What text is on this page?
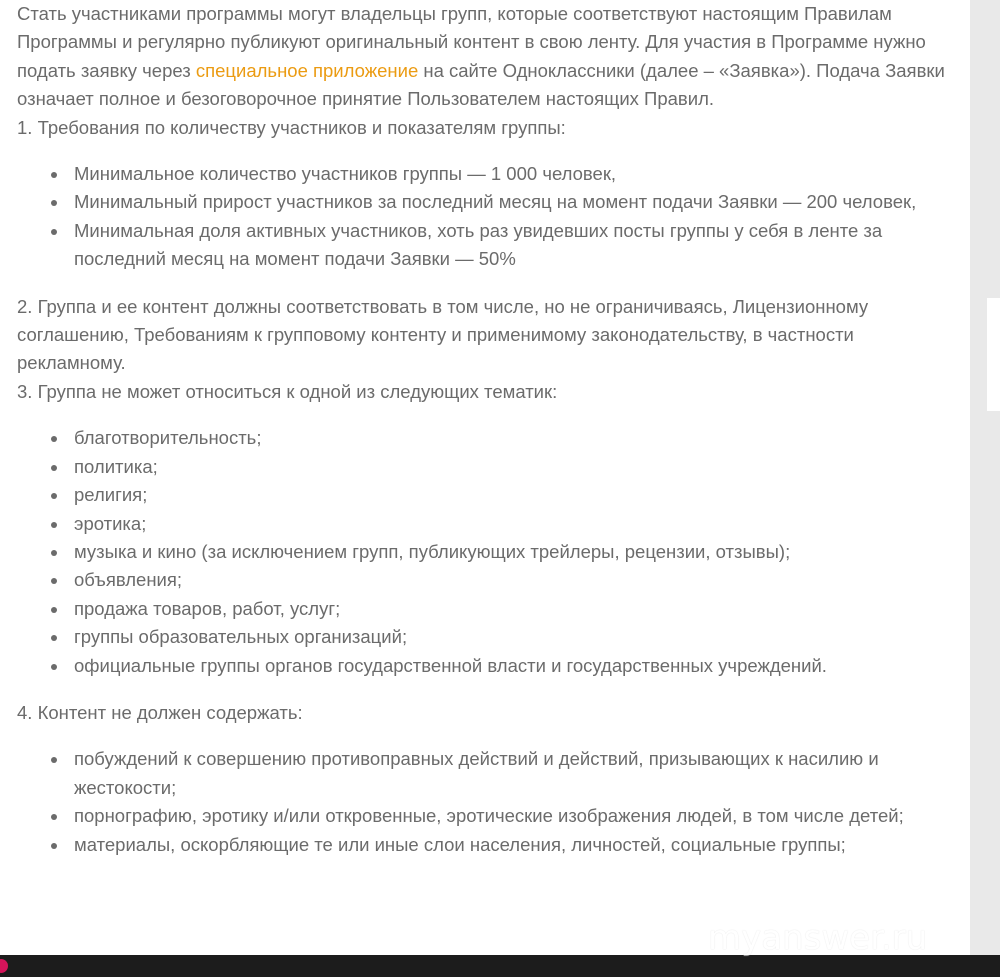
Стать участниками программы могут владельцы групп, которые соответствуют настоящим Правилам Программы и регулярно публикуют оригинальный контент в свою ленту. Для участия в Программе нужно подать заявку через специальное приложение на сайте Одноклассники (далее – «Заявка»). Подача Заявки означает полное и безоговорочное принятие Пользователем настоящих Правил.

1. Требования по количеству участников и показателям группы:

Минимальное количество участников группы — 1 000 человек,
Минимальный прирост участников за последний месяц на момент подачи Заявки — 200 человек,
Минимальная доля активных участников, хоть раз увидевших посты группы у себя в ленте за последний месяц на момент подачи Заявки — 50%

2. Группа и ее контент должны соответствовать в том числе, но не ограничиваясь, Лицензионному соглашению, Требованиям к групповому контенту и применимому законодательству, в частности рекламному.

3. Группа не может относиться к одной из следующих тематик:

благотворительность;
политика;
религия;
эротика;
музыка и кино (за исключением групп, публикующих трейлеры, рецензии, отзывы);
объявления;
продажа товаров, работ, услуг;
группы образовательных организаций;
официальные группы органов государственной власти и государственных учреждений.

4. Контент не должен содержать:

побуждений к совершению противоправных действий и действий, призывающих к насилию и жестокости;
порнографию, эротику и/или откровенные, эротические изображения людей, в том числе детей;
материалы, оскорбляющие те или иные слои населения, личностей, социальные группы;
myanswer.ru
